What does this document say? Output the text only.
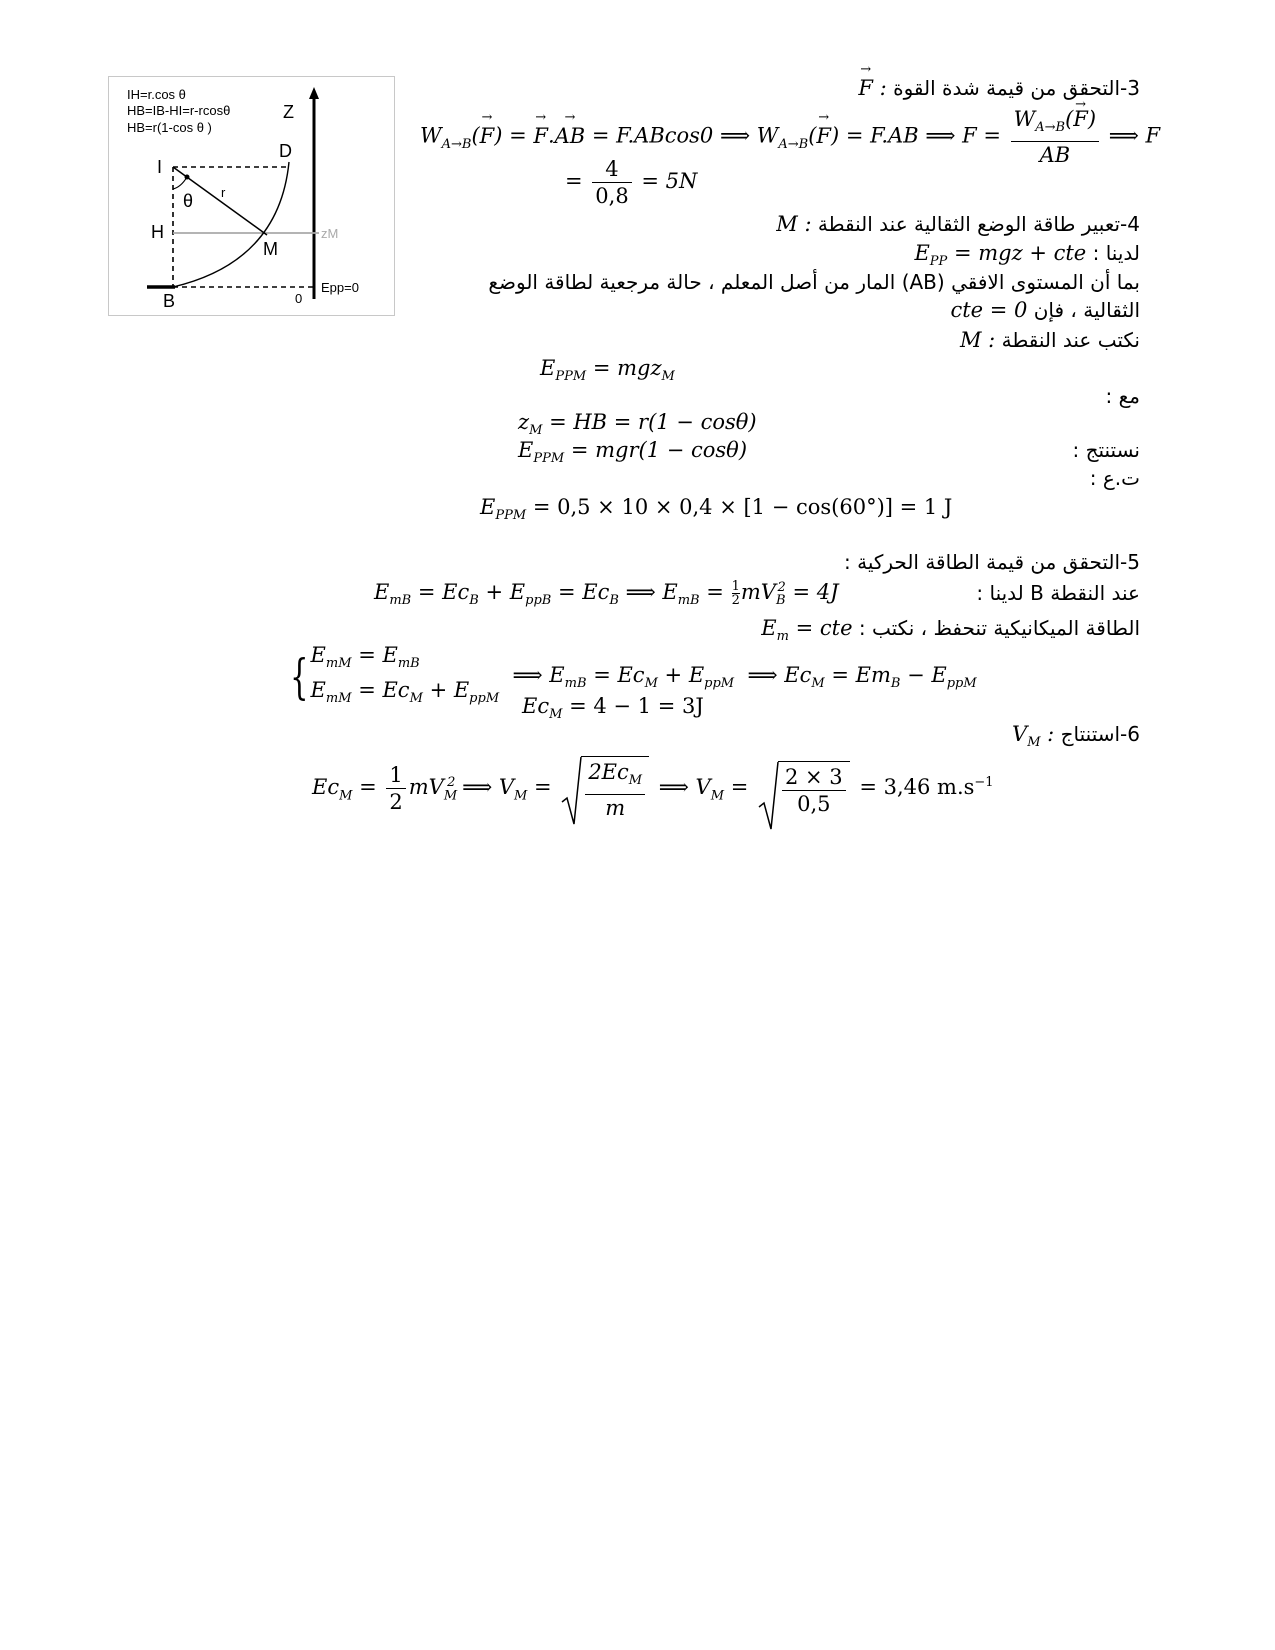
IH=r.cos θ
HB=IB-HI=r-rcosθ
HB=r(1-cos θ )
Z
D
I
θ r
H
M
zM
B	0
Epp=0
3-التحقق من قيمة شدة القوة → F :
$W_{A\to B}(\to F)$ = → F.→ AB = F.ABcos0 ⟹ $W_{A\to B}(\to F) = F.AB$ ⟹ $F = \frac{W_{A\to B}(\to F)}{AB}$ ⟹ F
= $\frac{4}{0,8} = 5N$
4-تعبير طاقة الوضع الثقالية عند النقطة M :
لدينا : $E_{PP}$ = mgz + cte
بما أن المستوى الافقي (AB) المار من أصل المعلم ، حالة مرجعية لطاقة الوضع
الثقالية ، فإن cte = 0
نكتب عند النقطة M :
$E_{PPM} = mgz_M$
مع :
$z_M$ = HB = r(1 − cosθ)
$E_{PPM} = mgr(1 - \cos\theta)$	نستنتج :
ت.ع :
$E_{PPM} = 0,5 \times 10 \times 0,4 \times [1 - \cos(60^\circ)] = 1$ J
5-التحقق من قيمة الطاقة الحركية :
عند النقطة B لدينا :
$E_{mB} = Ec_B + E_{ppB} = Ec_B$ ⟹ $E_{mB} = \frac{1}{2} mV_B^2 = 4J$
الطاقة الميكانيكية تنحفظ ، نكتب : $E_m$ = cte
{ $E_{mM} = E_{mB}$
$E_{mM} = Ec_M + E_{ppM}$
⟹ $E_{mB} = Ec_M + E_{ppM}$  ⟹ $Ec_M = Em_B - E_{ppM}$
$Ec_M = 4 - 1 = 3J$
6-استنتاج $V_M$ :
$Ec_M = \frac{1}{2} mV_M^2$ ⟹ $V_M = \frac{2Ec_M}{m}$ ⟹ $V_M = \frac{2 \times 3}{0,5} = 3,46$ $m.s^{-1}$
